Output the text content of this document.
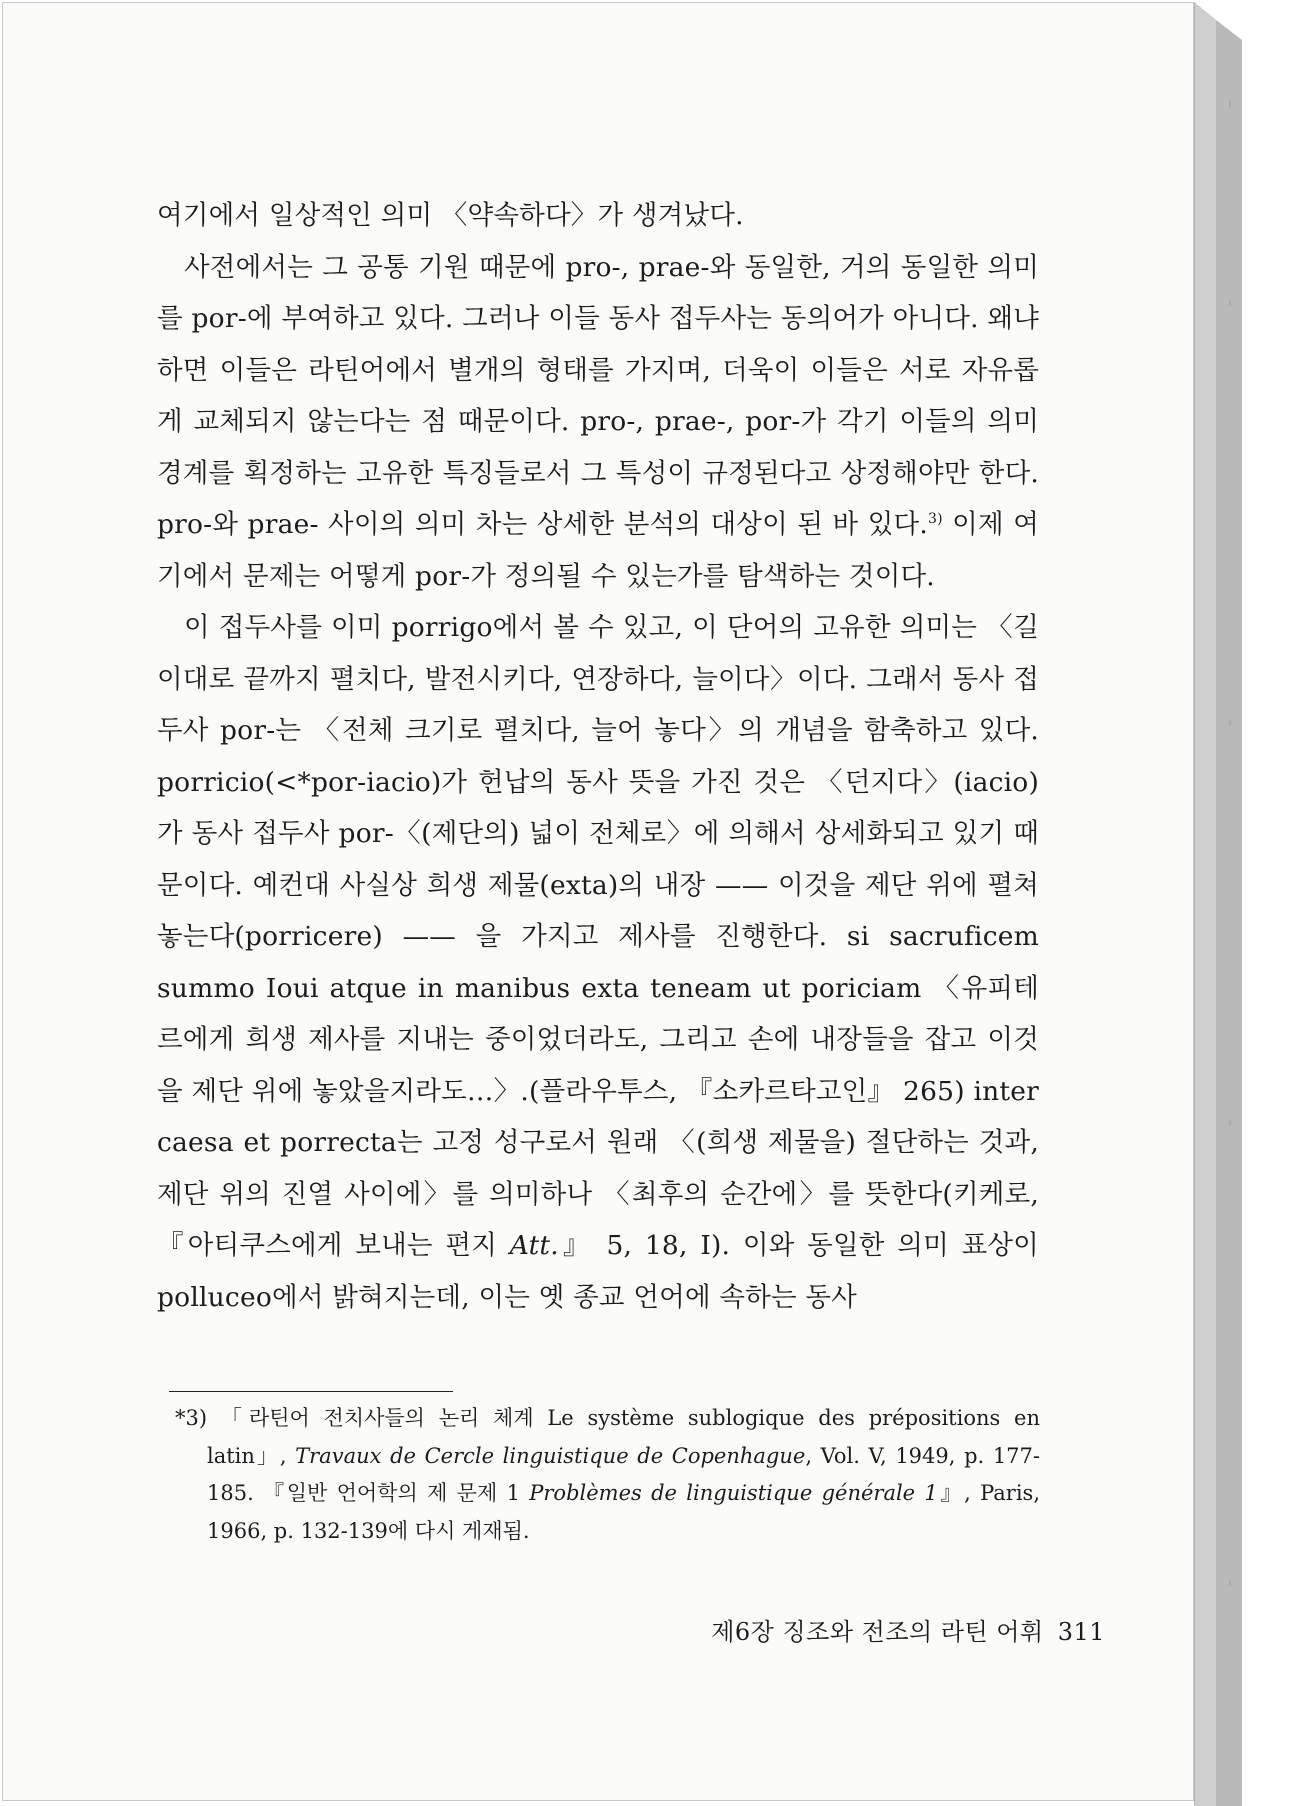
여기에서 일상적인 의미 〈약속하다〉가 생겨났다.

사전에서는 그 공통 기원 때문에 pro-, prae-와 동일한, 거의 동일한 의미를 por-에 부여하고 있다. 그러나 이들 동사 접두사는 동의어가 아니다. 왜냐하면 이들은 라틴어에서 별개의 형태를 가지며, 더욱이 이들은 서로 자유롭게 교체되지 않는다는 점 때문이다. pro-, prae-, por-가 각기 이들의 의미 경계를 획정하는 고유한 특징들로서 그 특성이 규정된다고 상정해야만 한다. pro-와 prae- 사이의 의미 차는 상세한 분석의 대상이 된 바 있다.$^{3)}$ 이제 여기에서 문제는 어떻게 por-가 정의될 수 있는가를 탐색하는 것이다.

이 접두사를 이미 porrigo에서 볼 수 있고, 이 단어의 고유한 의미는 〈길이대로 끝까지 펼치다, 발전시키다, 연장하다, 늘이다〉이다. 그래서 동사 접두사 por-는 〈전체 크기로 펼치다, 늘어 놓다〉의 개념을 함축하고 있다. porricio(<*por-iacio)가 헌납의 동사 뜻을 가진 것은 〈던지다〉(iacio)가 동사 접두사 por-〈(제단의) 넓이 전체로〉에 의해서 상세화되고 있기 때문이다. 예컨대 사실상 희생 제물(exta)의 내장 —— 이것을 제단 위에 펼쳐 놓는다(porricere) —— 을 가지고 제사를 진행한다. si sacruficem summo Ioui atque in manibus exta teneam ut poriciam 〈유피테르에게 희생 제사를 지내는 중이었더라도, 그리고 손에 내장들을 잡고 이것을 제단 위에 놓았을지라도…〉.(플라우투스, 『소카르타고인』 265) inter caesa et porrecta는 고정 성구로서 원래 〈(희생 제물을) 절단하는 것과, 제단 위의 진열 사이에〉를 의미하나 〈최후의 순간에〉를 뜻한다(키케로, 『아티쿠스에게 보내는 편지 Att.』 5, 18, I). 이와 동일한 의미 표상이 polluceo에서 밝혀지는데, 이는 옛 종교 언어에 속하는 동사

*3) 「라틴어 전치사들의 논리 체계 Le système sublogique des prépositions en latin」, Travaux de Cercle linguistique de Copenhague, Vol. V, 1949, p. 177-185. 『일반 언어학의 제 문제 1 Problèmes de linguistique générale 1』, Paris, 1966, p. 132-139에 다시 게재됨.

제6장 징조와 전조의 라틴 어휘 311
